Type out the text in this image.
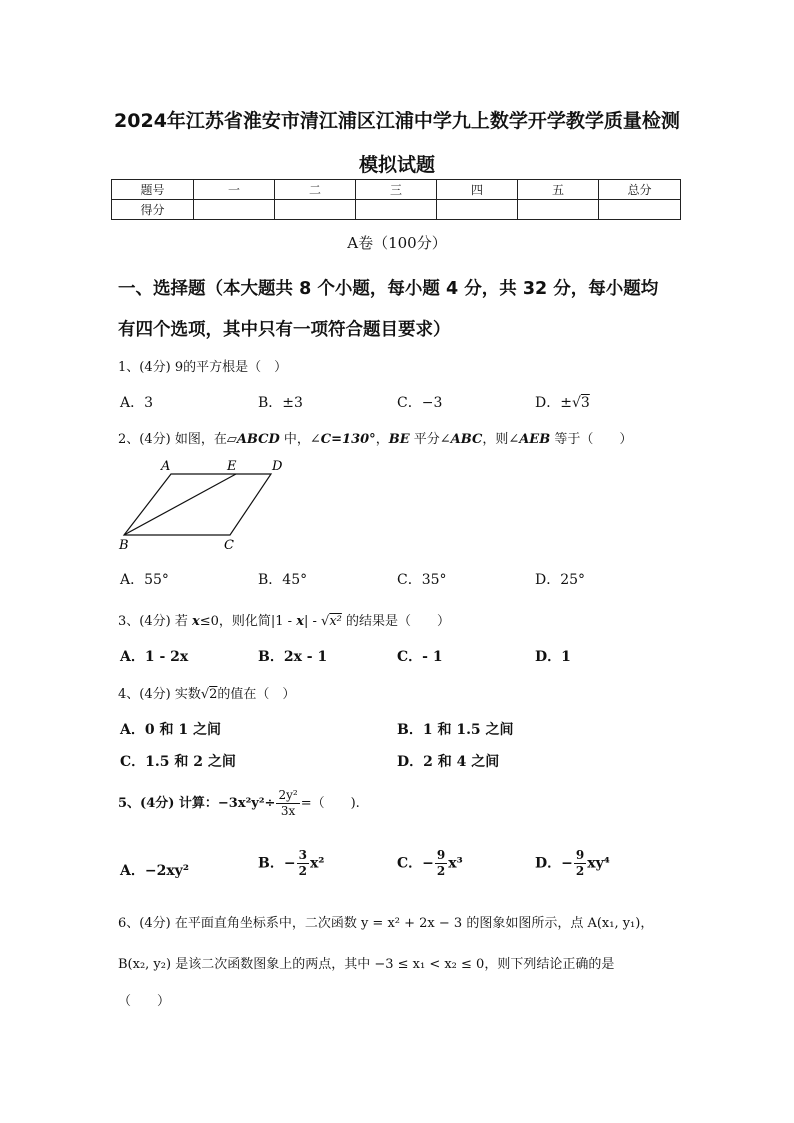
2024年江苏省淮安市清江浦区江浦中学九上数学开学教学质量检测
模拟试题
题号	一	二	三	四	五	总分
得分						
A卷（100分）
一、选择题（本大题共 8 个小题，每小题 4 分，共 32 分，每小题均
有四个选项，其中只有一项符合题目要求）
1、(4分) 9的平方根是（　）
A．3	B．±3	C．−3	D．±√3
2、(4分) 如图，在▱ABCD 中，∠C=130°，BE 平分∠ABC，则∠AEB 等于（　　）
A	E	D
B	C
A．55°	B．45°	C．35°	D．25°
3、(4分) 若 x≤0，则化简|1 - x| - √x² 的结果是（　　）
A．1 - 2x	B．2x - 1	C．- 1	D．1
4、(4分) 实数√2的值在（　）
A．0 和 1 之间	B．1 和 1.5 之间
C．1.5 和 2 之间	D．2 和 4 之间
5、(4分) 计算：$-3x^2y^2\div \frac{\text{2y²}}{3x}$ =（　　).
A．−2xy²	B．− $\frac{3}{2} x^2$	C．− $\frac{9}{2} x^3$	D．− $\frac{9}{2} xy^4$
6、(4分) 在平面直角坐标系中，二次函数 y = x² + 2x − 3 的图象如图所示，点 A(x₁, y₁)，
B(x₂, y₂) 是该二次函数图象上的两点，其中 −3 ≤ x₁ < x₂ ≤ 0，则下列结论正确的是
（　　）
